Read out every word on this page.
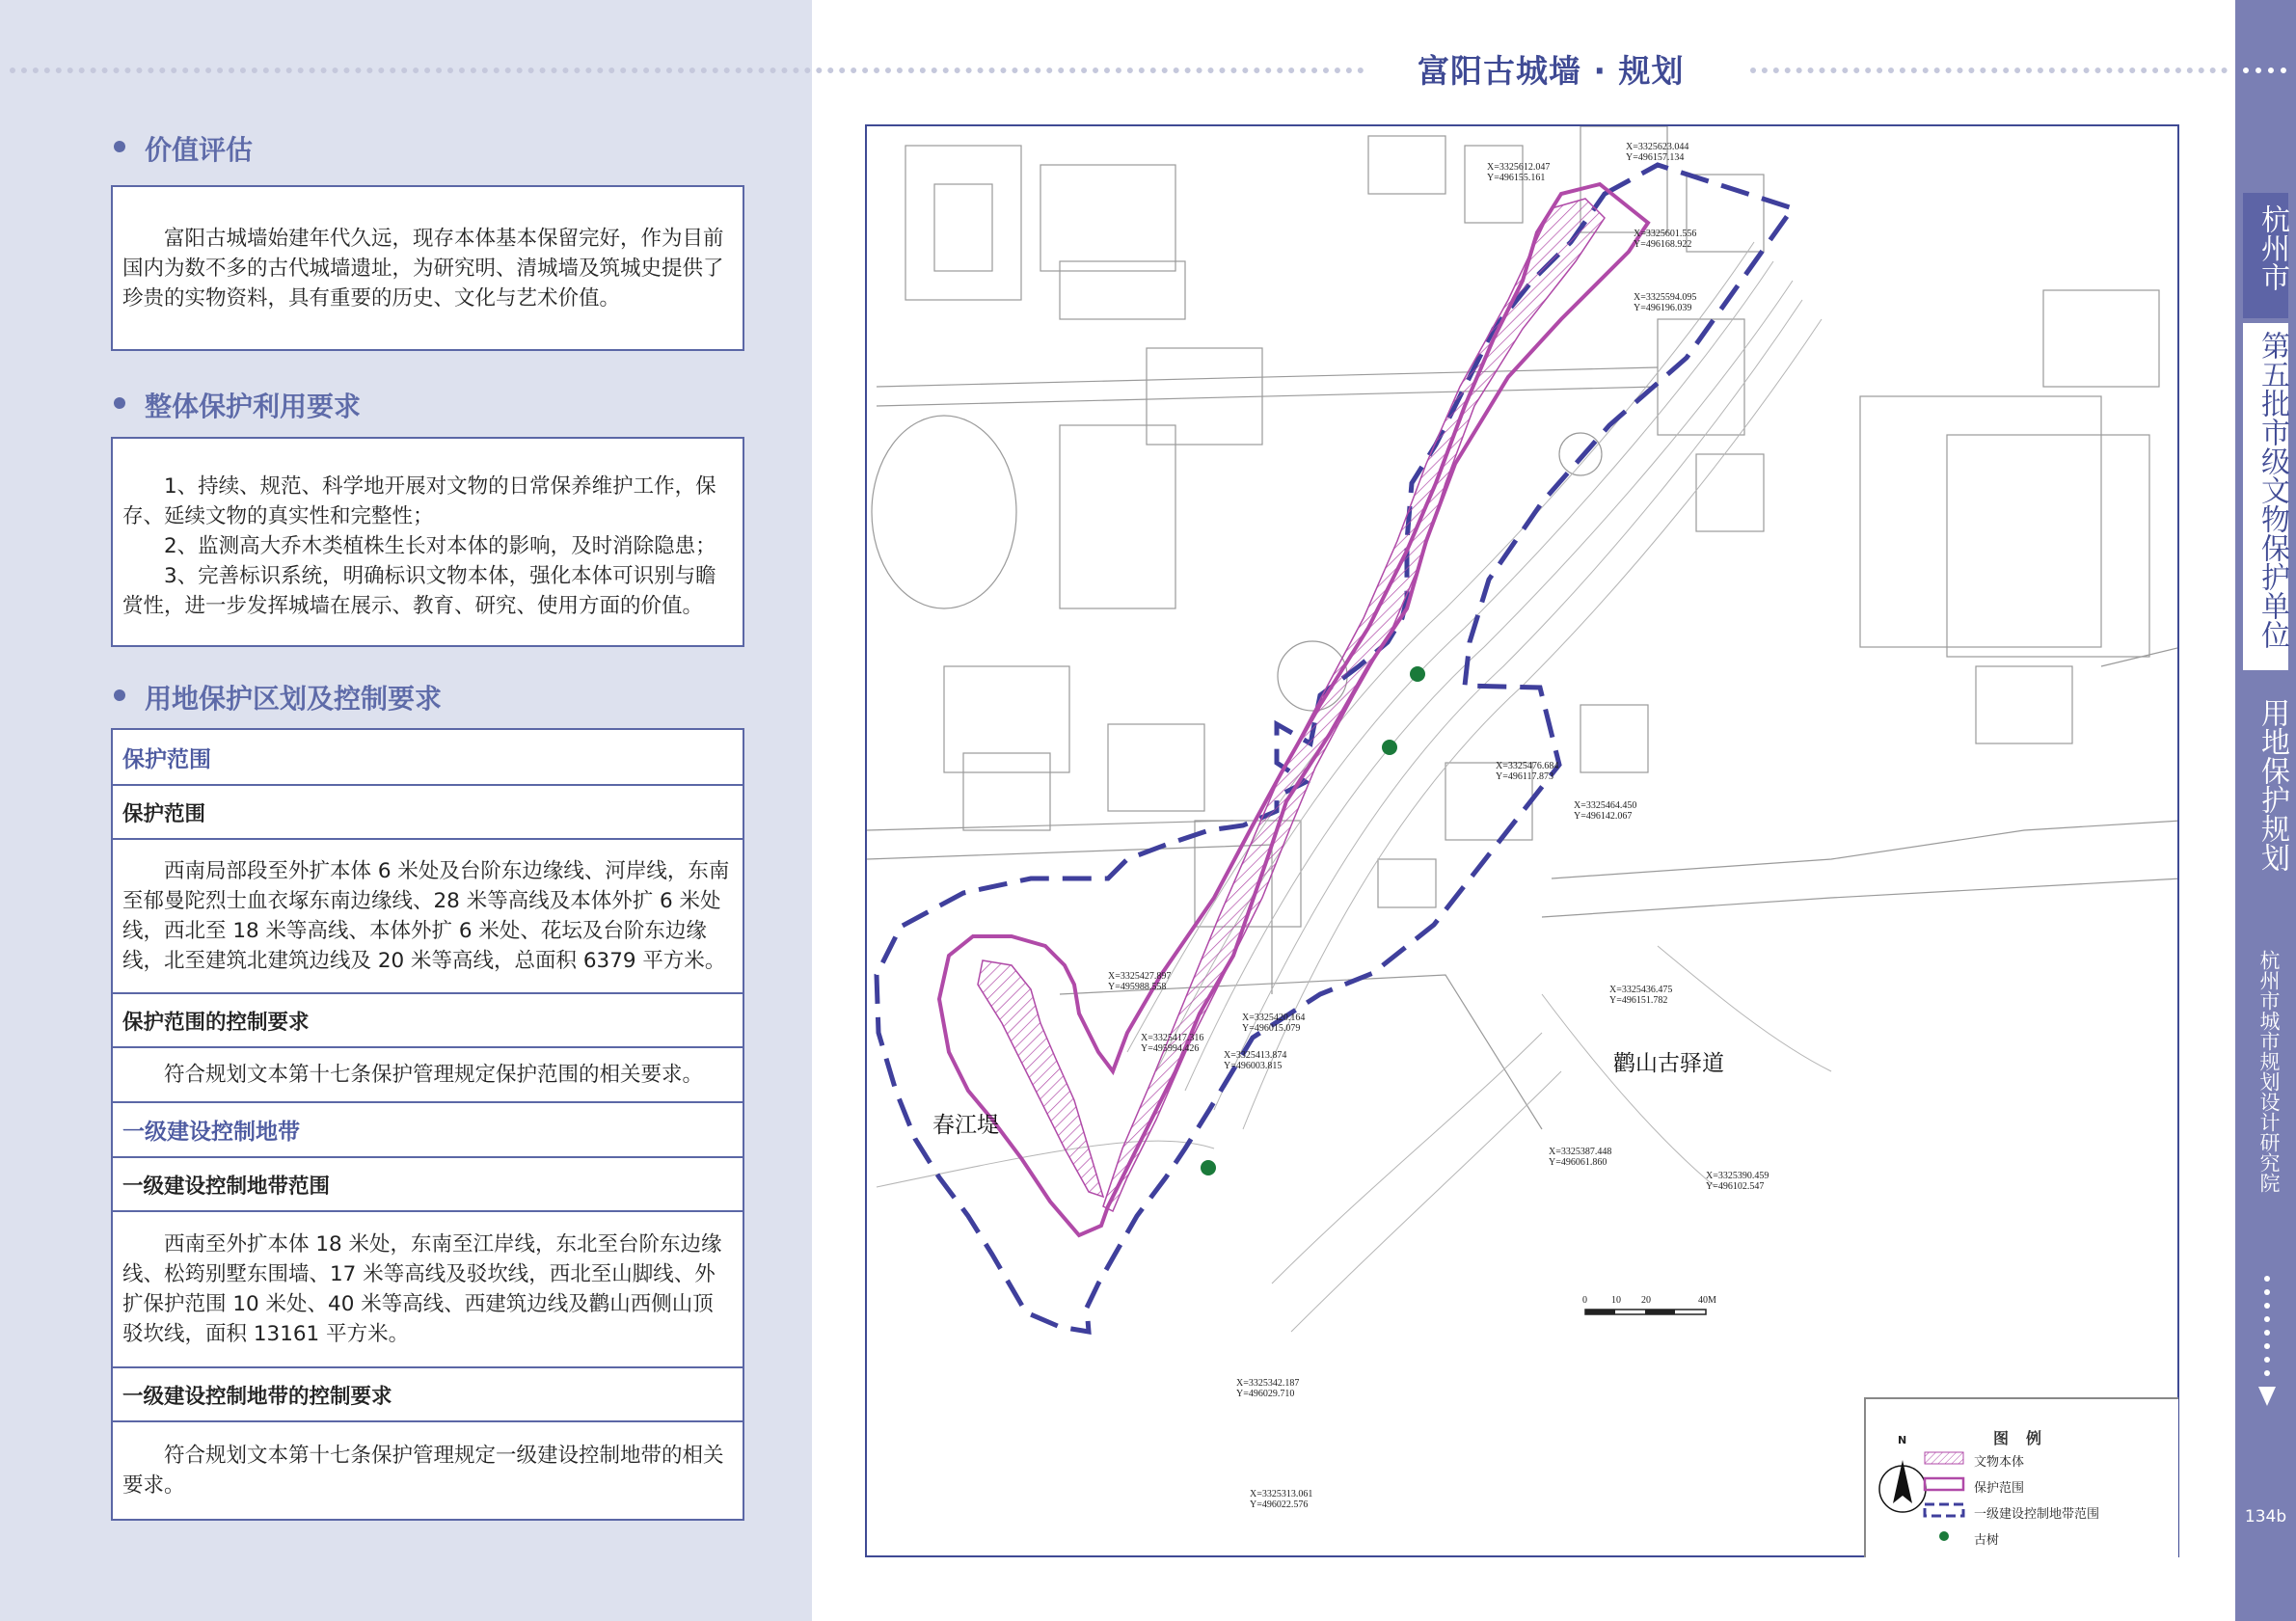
富阳古城墙 · 规划
价值评估

富阳古城墙始建年代久远，现存本体基本保留完好，作为目前国内为数不多的古代城墙遗址，为研究明、清城墙及筑城史提供了珍贵的实物资料，具有重要的历史、文化与艺术价值。

整体保护利用要求

1、持续、规范、科学地开展对文物的日常保养维护工作，保存、延续文物的真实性和完整性；

2、监测高大乔木类植株生长对本体的影响，及时消除隐患；

3、完善标识系统，明确标识文物本体，强化本体可识别与瞻赏性，进一步发挥城墙在展示、教育、研究、使用方面的价值。

用地保护区划及控制要求
保护范围
保护范围
西南局部段至外扩本体 6 米处及台阶东边缘线、河岸线，东南至郁曼陀烈士血衣塚东南边缘线、28 米等高线及本体外扩 6 米处线，西北至 18 米等高线、本体外扩 6 米处、花坛及台阶东边缘线，北至建筑北建筑边线及 20 米等高线，总面积 6379 平方米。
保护范围的控制要求
符合规划文本第十七条保护管理规定保护范围的相关要求。
一级建设控制地带
一级建设控制地带范围
西南至外扩本体 18 米处，东南至江岸线，东北至台阶东边缘线、松筠别墅东围墙、17 米等高线及驳坎线，西北至山脚线、外扩保护范围 10 米处、40 米等高线、西建筑边线及鹳山西侧山顶驳坎线，面积 13161 平方米。
一级建设控制地带的控制要求
符合规划文本第十七条保护管理规定一级建设控制地带的相关要求。
春江堤
鹳山古驿道
X=3325623.044
Y=496157.134
X=3325612.047
Y=496155.161
X=3325601.556
Y=496168.922
X=3325594.095
Y=496196.039
X=3325476.684
Y=496117.873
X=3325464.450
Y=496142.067
X=3325436.475
Y=496151.782
X=3325427.897
Y=495988.558
X=3325420.164
Y=496015.079
X=3325417.316
Y=495994.426
X=3325413.874
Y=496003.815
X=3325387.448
Y=496061.860
X=3325390.459
Y=496102.547
X=3325342.187
Y=496029.710
X=3325313.061
Y=496022.576
0	10 20	40M
图例
N
文物本体
保护范围
一级建设控制地带范围
古树
杭州市
第五批市级文物保护单位
用地保护规划
杭州市城市规划设计研究院
134b
